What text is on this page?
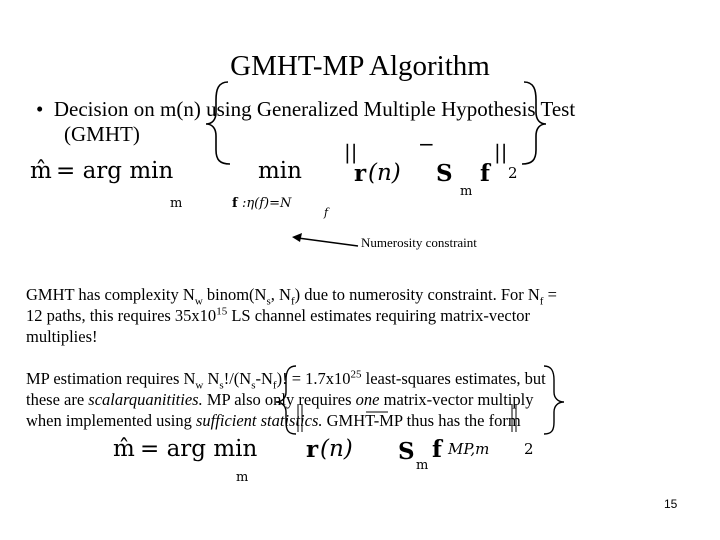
GMHT-MP Algorithm
• Decision on m(n) using Generalized Multiple Hypothesis Test
(GMHT)
m̂ = arg min
m
min
f :η(f)=N
f
||	−	||
r (n) S
m
f 2
Numerosity constraint
GMHT has complexity $N_w$ $binom(N_s$, $N_f$) due to numerosity constraint. For $N_f$ =
12 paths, this requires $35x10^{15}$ LS channel estimates requiring matrix-vector
multiplies!
MP estimation requires $N_w$ $N_s!/(N_s-N_f)$! = $1.7x10^{25}$ least-squares estimates, but
these are scalarquanitities. MP also only requires one matrix-vector multiply
when implemented using sufficient statistics. GMHT-MP thus has the form
m̂ = arg min
m
r (n) S
m
f MP,m 2
15
